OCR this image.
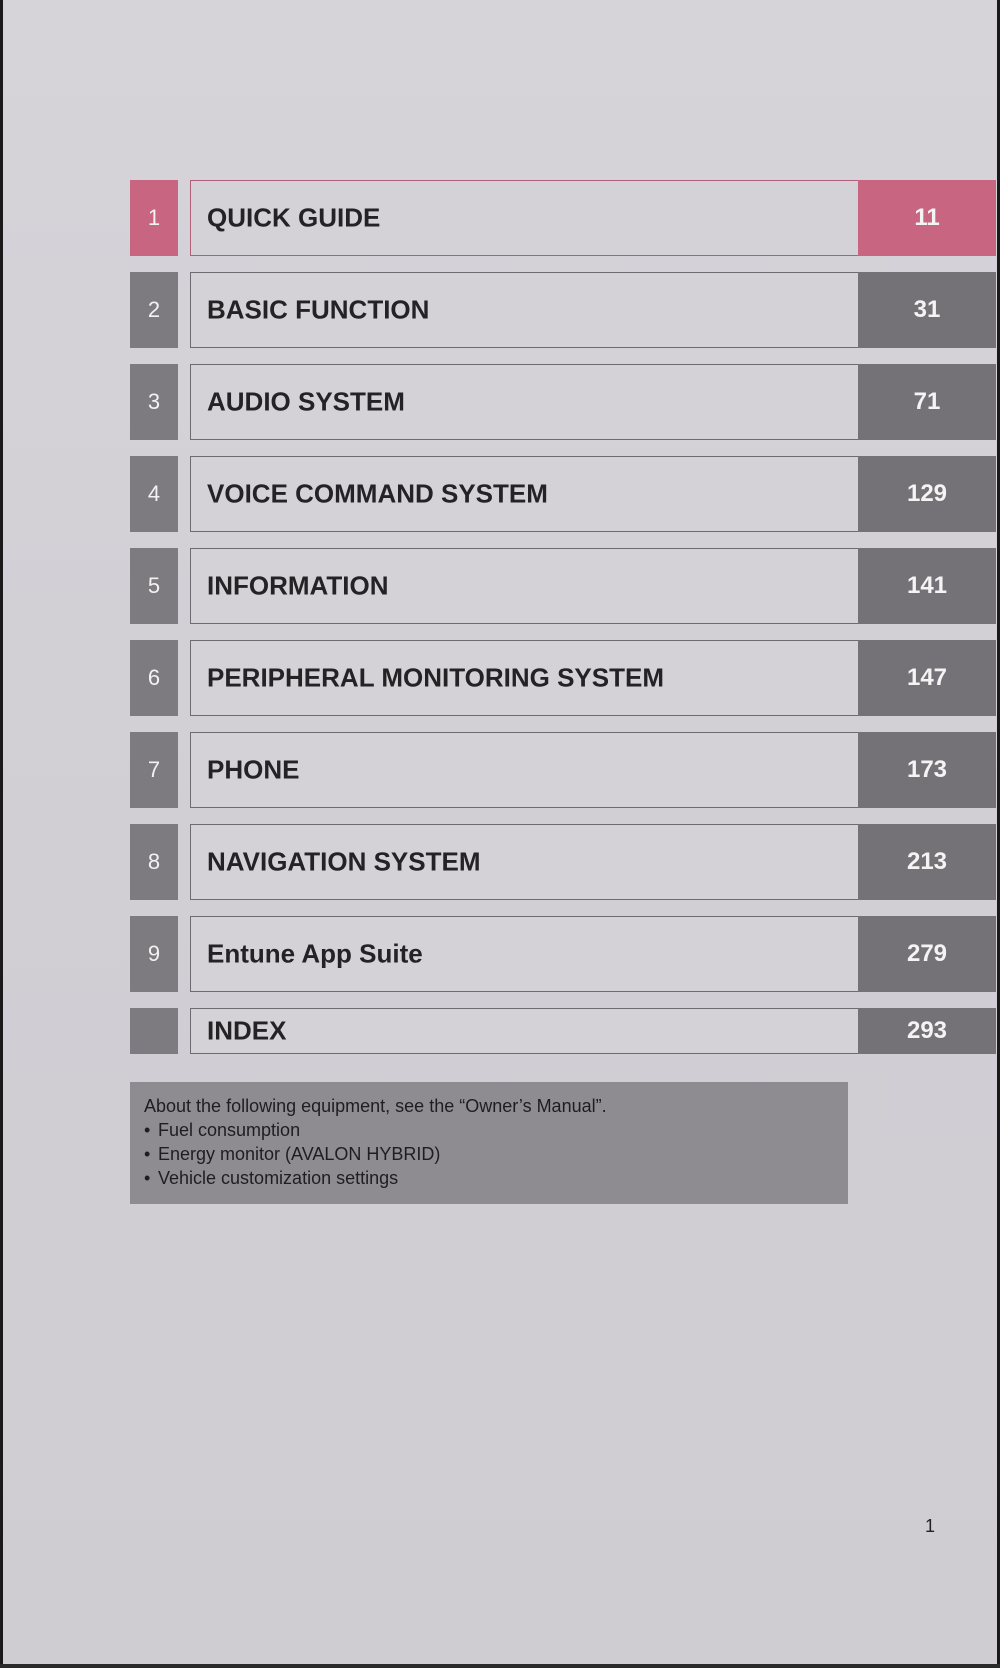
1	QUICK GUIDE	11
2	BASIC FUNCTION	31
3	AUDIO SYSTEM	71
4	VOICE COMMAND SYSTEM	129
5	INFORMATION	141
6	PERIPHERAL MONITORING SYSTEM	147
7	PHONE	173
8	NAVIGATION SYSTEM	213
9	Entune App Suite	279
INDEX	293

About the following equipment, see the “Owner’s Manual”.

• Fuel consumption

• Energy monitor (AVALON HYBRID)

• Vehicle customization settings

1
